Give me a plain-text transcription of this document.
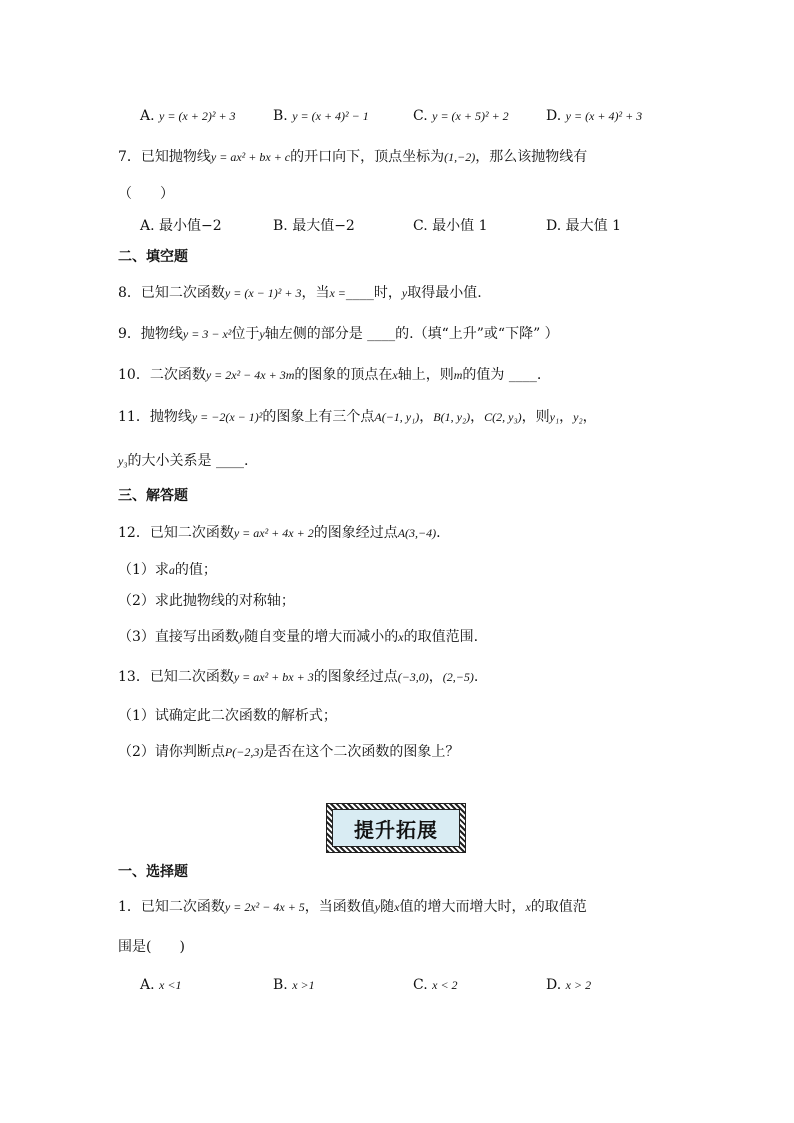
A. y = (x + 2)² + 3	B. y = (x + 4)² − 1	C. y = (x + 5)² + 2	D. y = (x + 4)² + 3
7．已知抛物线y = ax² + bx + c的开口向下，顶点坐标为(1,−2)，那么该抛物线有
（　　）
A. 最小值−2	B. 最大值−2	C. 最小值 1	D. 最大值 1
二、填空题
8．已知二次函数y = (x − 1)² + 3，当x =____时，y取得最小值.
9．抛物线y = 3 − x²位于y轴左侧的部分是 ____的.（填“上升”或“下降” ）
10．二次函数y = 2x² − 4x + 3m的图象的顶点在x轴上，则m的值为 ____.
11．抛物线y = −2(x − 1)²的图象上有三个点A(−1, y₁)，B(1, y₂)，C(2, y₃)，则y₁，y₂，
y₃的大小关系是 ____.
三、解答题
12．已知二次函数y = ax² + 4x + 2的图象经过点A(3,−4).
（1）求a的值；
（2）求此抛物线的对称轴；
（3）直接写出函数y随自变量的增大而减小的x的取值范围.
13．已知二次函数y = ax² + bx + 3的图象经过点(−3,0)，(2,−5).
（1）试确定此二次函数的解析式；
（2）请你判断点P(−2,3)是否在这个二次函数的图象上？
提升拓展
一、选择题
1．已知二次函数y = 2x² − 4x + 5，当函数值y随x值的增大而增大时，x的取值范
围是(　　)
A. x <1	B. x >1	C. x < 2	D. x > 2
